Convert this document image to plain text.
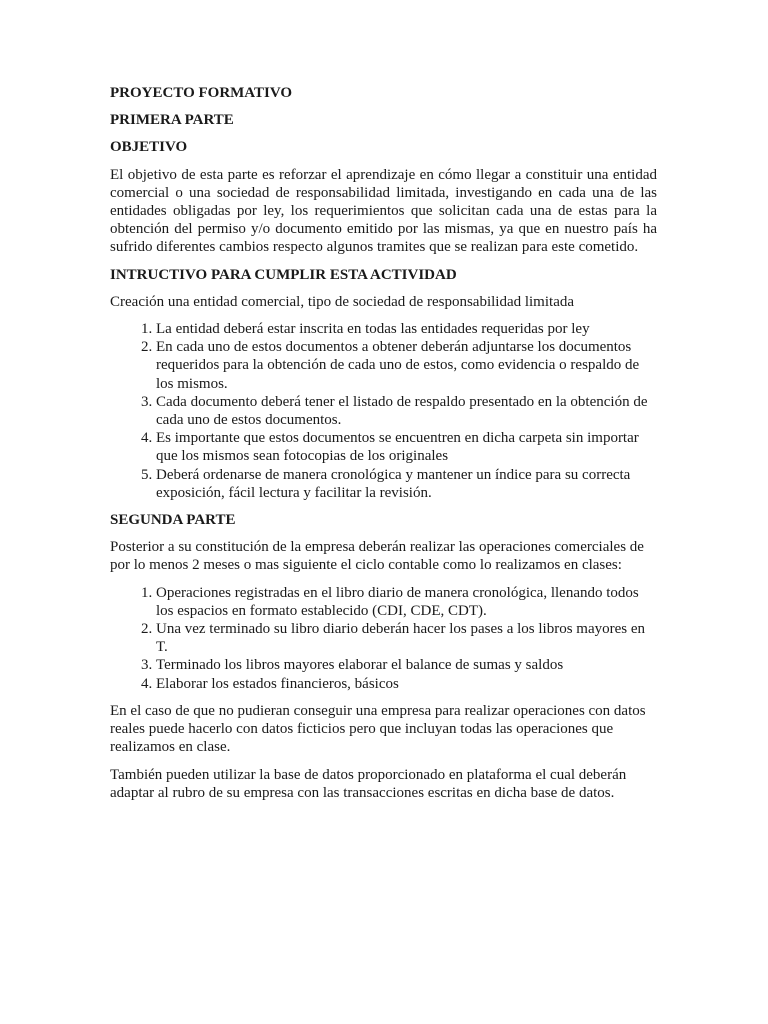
PROYECTO FORMATIVO
PRIMERA PARTE
OBJETIVO

El objetivo de esta parte es reforzar el aprendizaje en cómo llegar a constituir una entidad comercial o una sociedad de responsabilidad limitada, investigando en cada una de las entidades obligadas por ley, los requerimientos que solicitan cada una de estas para la obtención del permiso y/o documento emitido por las mismas, ya que en nuestro país ha sufrido diferentes cambios respecto algunos tramites que se realizan para este cometido.

INTRUCTIVO PARA CUMPLIR ESTA ACTIVIDAD

Creación una entidad comercial, tipo de sociedad de responsabilidad limitada

1. La entidad deberá estar inscrita en todas las entidades requeridas por ley
2. En cada uno de estos documentos a obtener deberán adjuntarse los documentos requeridos para la obtención de cada uno de estos, como evidencia o respaldo de los mismos.
3. Cada documento deberá tener el listado de respaldo presentado en la obtención de cada uno de estos documentos.
4. Es importante que estos documentos se encuentren en dicha carpeta sin importar que los mismos sean fotocopias de los originales
5. Deberá ordenarse de manera cronológica y mantener un índice para su correcta exposición, fácil lectura y facilitar la revisión.
SEGUNDA PARTE

Posterior a su constitución de la empresa deberán realizar las operaciones comerciales de por lo menos 2 meses o mas siguiente el ciclo contable como lo realizamos en clases:

1. Operaciones registradas en el libro diario de manera cronológica, llenando todos los espacios en formato establecido (CDI, CDE, CDT).
2. Una vez terminado su libro diario deberán hacer los pases a los libros mayores en T.
3. Terminado los libros mayores elaborar el balance de sumas y saldos
4. Elaborar los estados financieros, básicos

En el caso de que no pudieran conseguir una empresa para realizar operaciones con datos reales puede hacerlo con datos ficticios pero que incluyan todas las operaciones que realizamos en clase.

También pueden utilizar la base de datos proporcionado en plataforma el cual deberán adaptar al rubro de su empresa con las transacciones escritas en dicha base de datos.
